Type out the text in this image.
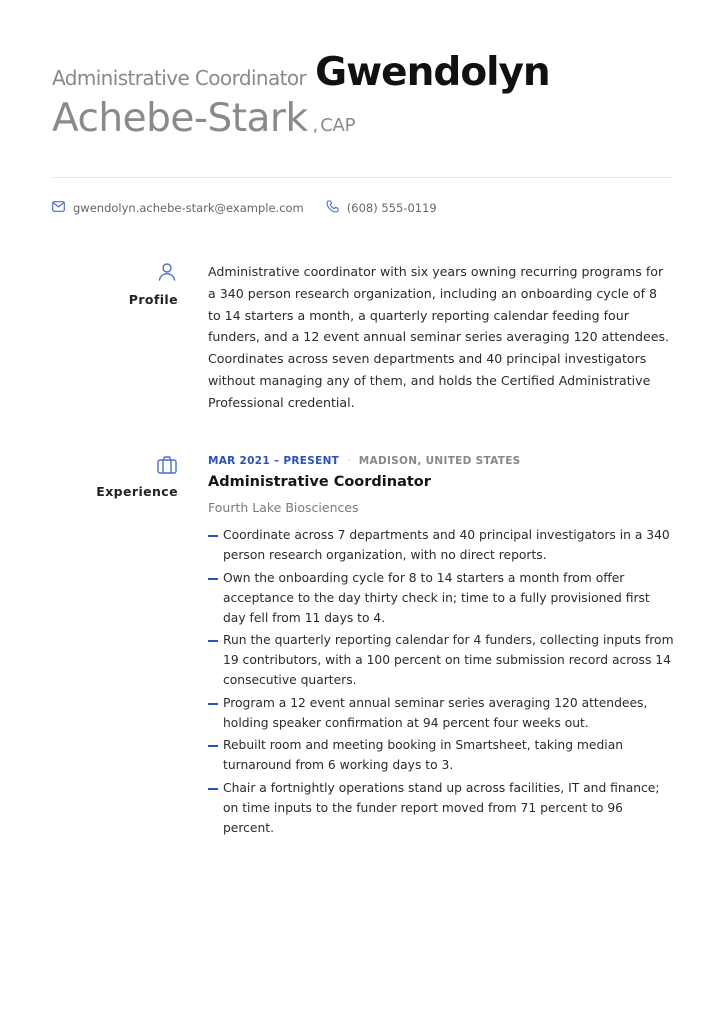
Administrative Coordinator Gwendolyn
Achebe-Stark , CAP
gwendolyn.achebe-stark@example.com	(608) 555-0119
Profile
Administrative coordinator with six years owning recurring programs for a 340 person research organization, including an onboarding cycle of 8 to 14 starters a month, a quarterly reporting calendar feeding four funders, and a 12 event annual seminar series averaging 120 attendees. Coordinates across seven departments and 40 principal investigators without managing any of them, and holds the Certified Administrative Professional credential.
Experience
MAR 2021 – PRESENT · MADISON, UNITED STATES
Administrative Coordinator
Fourth Lake Biosciences
Coordinate across 7 departments and 40 principal investigators in a 340 person research organization, with no direct reports.
Own the onboarding cycle for 8 to 14 starters a month from offer acceptance to the day thirty check in; time to a fully provisioned first day fell from 11 days to 4.
Run the quarterly reporting calendar for 4 funders, collecting inputs from 19 contributors, with a 100 percent on time submission record across 14 consecutive quarters.
Program a 12 event annual seminar series averaging 120 attendees, holding speaker confirmation at 94 percent four weeks out.
Rebuilt room and meeting booking in Smartsheet, taking median turnaround from 6 working days to 3.
Chair a fortnightly operations stand up across facilities, IT and finance; on time inputs to the funder report moved from 71 percent to 96 percent.
